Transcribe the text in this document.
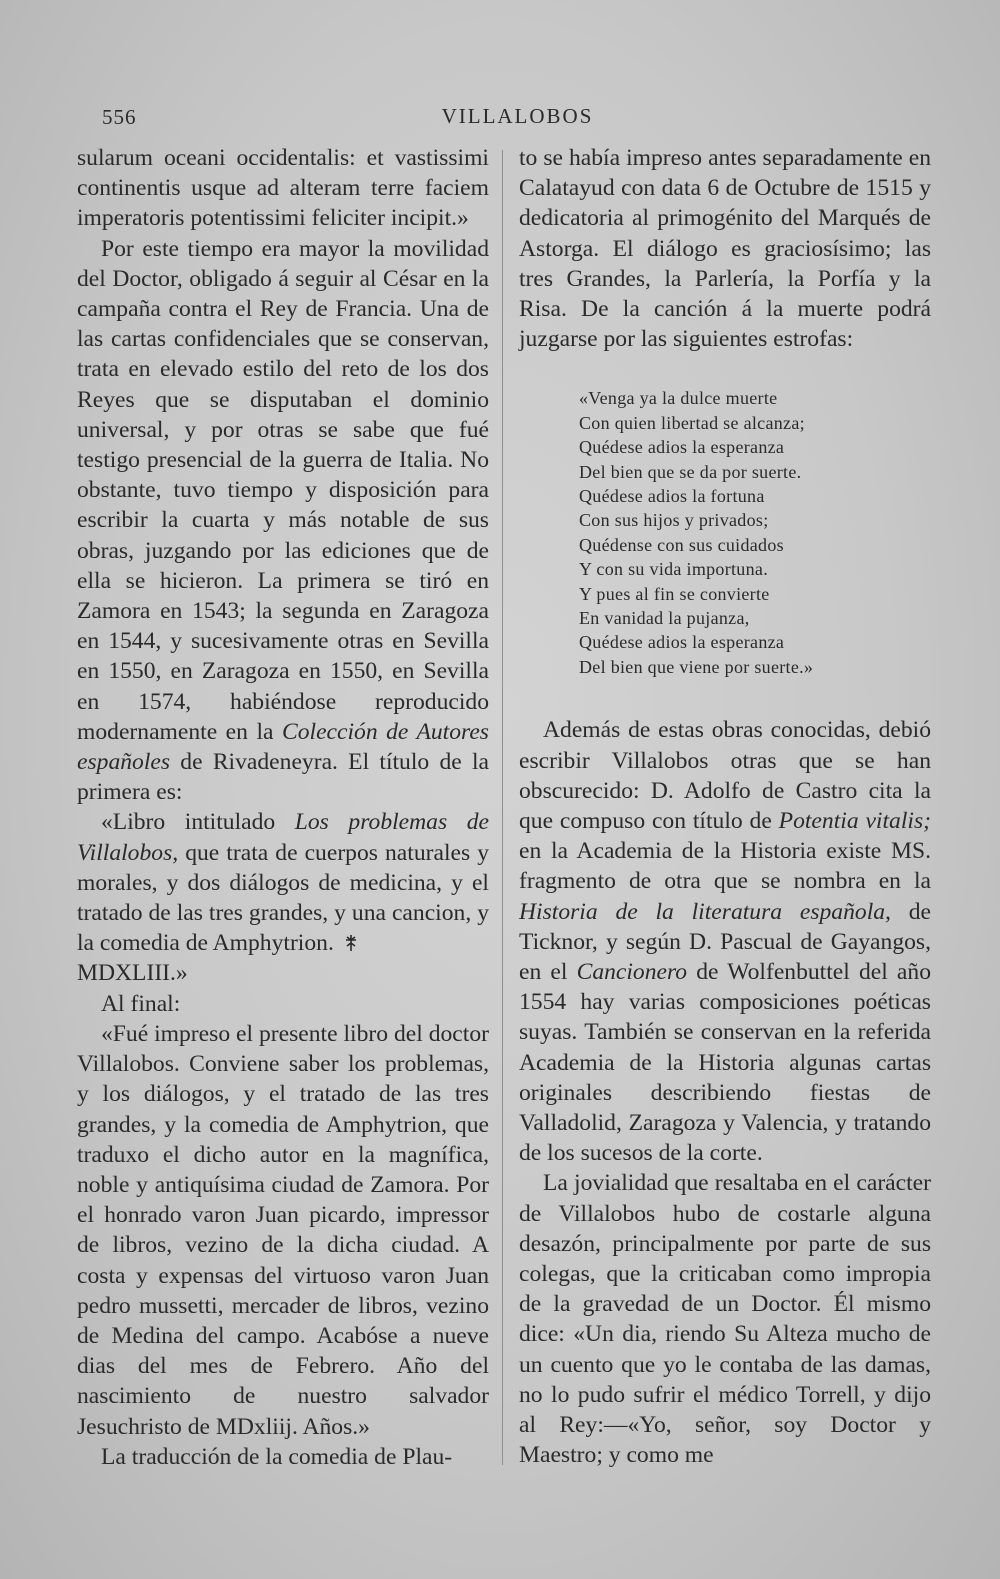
556	VILLALOBOS

sularum oceani occidentalis: et vastissimi continentis usque ad alteram terre faciem imperatoris potentissimi feliciter incipit.»

Por este tiempo era mayor la movilidad del Doctor, obligado á seguir al César en la campaña contra el Rey de Francia. Una de las cartas confidenciales que se conservan, trata en elevado estilo del reto de los dos Reyes que se disputaban el dominio universal, y por otras se sabe que fué testigo presencial de la guerra de Italia. No obstante, tuvo tiempo y disposición para escribir la cuarta y más notable de sus obras, juzgando por las ediciones que de ella se hicieron. La primera se tiró en Zamora en 1543; la segunda en Zaragoza en 1544, y sucesivamente otras en Sevilla en 1550, en Zaragoza en 1550, en Sevilla en 1574, habiéndose reproducido modernamente en la Colección de Autores españoles de Rivadeneyra. El título de la primera es:

«Libro intitulado Los problemas de Villalobos, que trata de cuerpos naturales y morales, y dos diálogos de medicina, y el tratado de las tres grandes, y una cancion, y la comedia de Amphytrion.
MDXLIII.»

Al final:

«Fué impreso el presente libro del doctor Villalobos. Conviene saber los problemas, y los diálogos, y el tratado de las tres grandes, y la comedia de Amphytrion, que traduxo el dicho autor en la magnífica, noble y antiquísima ciudad de Zamora. Por el honrado varon Juan picardo, impressor de libros, vezino de la dicha ciudad. A costa y expensas del virtuoso varon Juan pedro mussetti, mercader de libros, vezino de Medina del campo. Acabóse a nueve dias del mes de Febrero. Año del nascimiento de nuestro salvador Jesuchristo de MDxliij. Años.»

La traducción de la comedia de Plau-

to se había impreso antes separadamente en Calatayud con data 6 de Octubre de 1515 y dedicatoria al primogénito del Marqués de Astorga. El diálogo es graciosísimo; las tres Grandes, la Parlería, la Porfía y la Risa. De la canción á la muerte podrá juzgarse por las siguientes estrofas:

«Venga ya la dulce muerte
Con quien libertad se alcanza;
Quédese adios la esperanza
Del bien que se da por suerte.
Quédese adios la fortuna
Con sus hijos y privados;
Quédense con sus cuidados
Y con su vida importuna.
Y pues al fin se convierte
En vanidad la pujanza,
Quédese adios la esperanza
Del bien que viene por suerte.»

Además de estas obras conocidas, debió escribir Villalobos otras que se han obscurecido: D. Adolfo de Castro cita la que compuso con título de Potentia vitalis; en la Academia de la Historia existe MS. fragmento de otra que se nombra en la Historia de la literatura española, de Ticknor, y según D. Pascual de Gayangos, en el Cancionero de Wolfenbuttel del año 1554 hay varias composiciones poéticas suyas. También se conservan en la referida Academia de la Historia algunas cartas originales describiendo fiestas de Valladolid, Zaragoza y Valencia, y tratando de los sucesos de la corte.

La jovialidad que resaltaba en el carácter de Villalobos hubo de costarle alguna desazón, principalmente por parte de sus colegas, que la criticaban como impropia de la gravedad de un Doctor. Él mismo dice: «Un dia, riendo Su Alteza mucho de un cuento que yo le contaba de las damas, no lo pudo sufrir el médico Torrell, y dijo al Rey:—«Yo, señor, soy Doctor y Maestro; y como me
